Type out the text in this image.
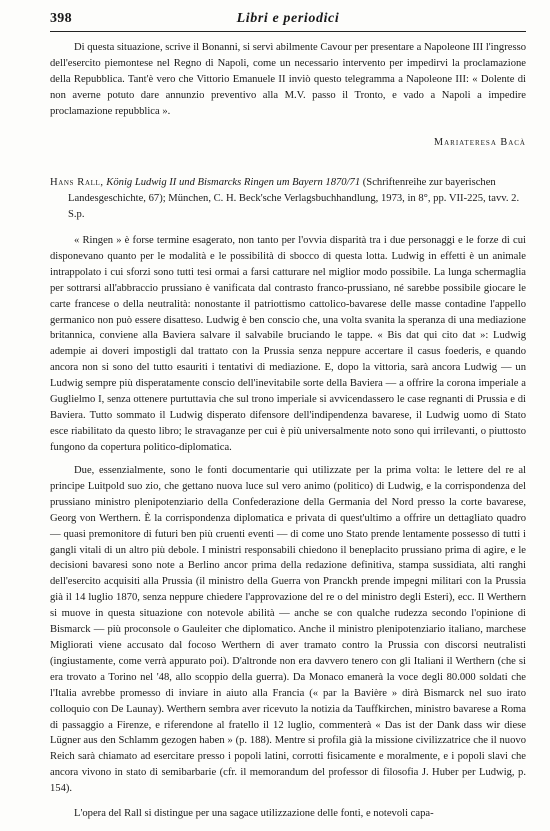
398	Libri e periodici

Di questa situazione, scrive il Bonanni, si servì abilmente Cavour per presentare a Napoleone III l'ingresso dell'esercito piemontese nel Regno di Napoli, come un necessario intervento per impedirvi la proclamazione della Repubblica. Tant'è vero che Vittorio Emanuele II inviò questo telegramma a Napoleone III: « Dolente di non averne potuto dare annunzio preventivo alla M.V. passo il Tronto, e vado a Napoli a impedire proclamazione repubblica ».

Mariateresa Bacà

Hans Rall, König Ludwig II und Bismarcks Ringen um Bayern 1870/71 (Schriftenreihe zur bayerischen Landesgeschichte, 67); München, C. H. Beck'sche Verlagsbuchhandlung, 1973, in 8°, pp. VII-225, tavv. 2. S.p.

« Ringen » è forse termine esagerato, non tanto per l'ovvia disparità tra i due personaggi e le forze di cui disponevano quanto per le modalità e le possibilità di sbocco di questa lotta. Ludwig in effetti è un animale intrappolato i cui sforzi sono tutti tesi ormai a farsi catturare nel miglior modo possibile. La lunga schermaglia per sottrarsi all'abbraccio prussiano è vanificata dal contrasto franco-prussiano, né sarebbe possibile giocare le carte francese o della neutralità: nonostante il patriottismo cattolico-bavarese delle masse contadine l'appello germanico non può essere disatteso. Ludwig è ben conscio che, una volta svanita la speranza di una mediazione britannica, conviene alla Baviera salvare il salvabile bruciando le tappe. « Bis dat qui cito dat »: Ludwig adempie ai doveri impostigli dal trattato con la Prussia senza neppure accertare il casus foederis, e quando ancora non si sono del tutto esauriti i tentativi di mediazione. E, dopo la vittoria, sarà ancora Ludwig — un Ludwig sempre più disperatamente conscio dell'inevitabile sorte della Baviera — a offrire la corona imperiale a Guglielmo I, senza ottenere purtuttavia che sul trono imperiale si avvicendassero le case regnanti di Prussia e di Baviera. Tutto sommato il Ludwig disperato difensore dell'indipendenza bavarese, il Ludwig uomo di Stato esce riabilitato da questo libro; le stravaganze per cui è più universalmente noto sono qui irrilevanti, o piuttosto fungono da copertura politico-diplomatica.

Due, essenzialmente, sono le fonti documentarie qui utilizzate per la prima volta: le lettere del re al principe Luitpold suo zio, che gettano nuova luce sul vero animo (politico) di Ludwig, e la corrispondenza del prussiano ministro plenipotenziario della Confederazione della Germania del Nord presso la corte bavarese, Georg von Werthern. È la corrispondenza diplomatica e privata di quest'ultimo a offrire un dettagliato quadro — quasi premonitore di futuri ben più cruenti eventi — di come uno Stato prende lentamente possesso di tutti i gangli vitali di un altro più debole. I ministri responsabili chiedono il beneplacito prussiano prima di agire, e le decisioni bavaresi sono note a Berlino ancor prima della redazione definitiva, stampa sussidiata, alti ranghi dell'esercito acquisiti alla Prussia (il ministro della Guerra von Pranckh prende impegni militari con la Prussia già il 14 luglio 1870, senza neppure chiedere l'approvazione del re o del ministro degli Esteri), ecc. Il Werthern si muove in questa situazione con notevole abilità — anche se con qualche rudezza secondo l'opinione di Bismarck — più proconsole o Gauleiter che diplomatico. Anche il ministro plenipotenziario italiano, marchese Migliorati viene accusato dal focoso Werthern di aver tramato contro la Prussia con discorsi neutralisti (ingiustamente, come verrà appurato poi). D'altronde non era davvero tenero con gli Italiani il Werthern (che si era trovato a Torino nel '48, allo scoppio della guerra). Da Monaco emanerà la voce degli 80.000 soldati che l'Italia avrebbe promesso di inviare in aiuto alla Francia (« par la Bavière » dirà Bismarck nel suo irato colloquio con De Launay). Werthern sembra aver ricevuto la notizia da Tauffkirchen, ministro bavarese a Roma di passaggio a Firenze, e riferendone al fratello il 12 luglio, commenterà « Das ist der Dank dass wir diese Lügner aus den Schlamm gezogen haben » (p. 188). Mentre si profila già la missione civilizzatrice che il nuovo Reich sarà chiamato ad esercitare presso i popoli latini, corrotti fisicamente e moralmente, e i popoli slavi che ancora vivono in stato di semibarbarie (cfr. il memorandum del professor di filosofia J. Huber per Ludwig, p. 154).

L'opera del Rall si distingue per una sagace utilizzazione delle fonti, e notevoli capa-
